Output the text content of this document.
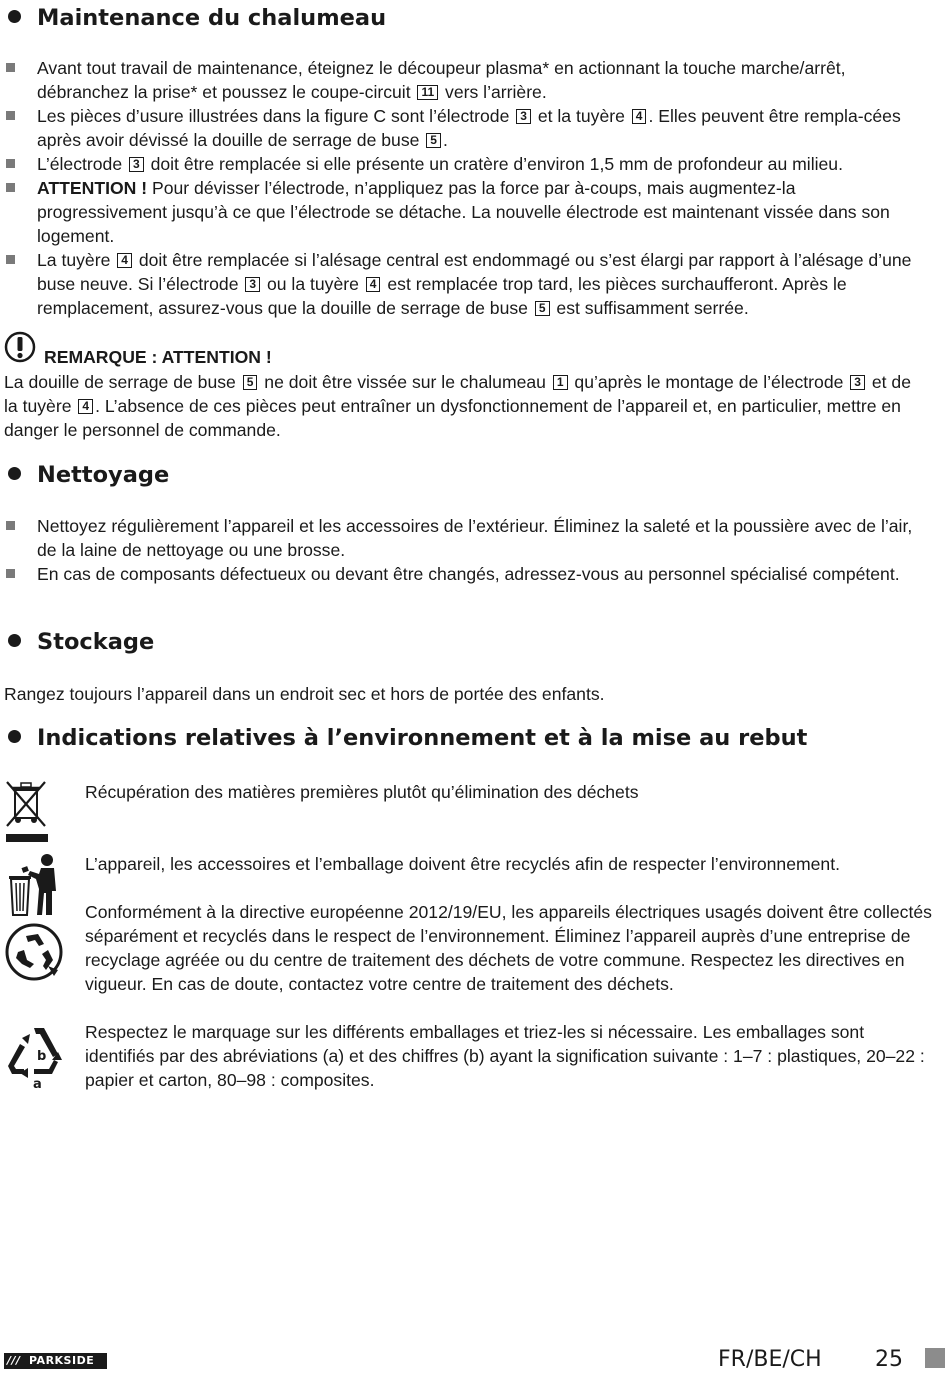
Maintenance du chalumeau
Avant tout travail de maintenance, éteignez le découpeur plasma* en actionnant la touche marche/arrêt, débranchez la prise* et poussez le coupe-circuit 11 vers l’arrière.
Les pièces d’usure illustrées dans la figure C sont l’électrode 3 et la tuyère 4 . Elles peuvent être rempla-cées après avoir dévissé la douille de serrage de buse 5 .
L’électrode 3 doit être remplacée si elle présente un cratère d’environ 1,5 mm de profondeur au milieu.
ATTENTION ! Pour dévisser l’électrode, n’appliquez pas la force par à-coups, mais augmentez-la progressivement jusqu’à ce que l’électrode se détache. La nouvelle électrode est maintenant vissée dans son logement.
La tuyère 4 doit être remplacée si l’alésage central est endommagé ou s’est élargi par rapport à l’alésage d’une buse neuve. Si l’électrode 3 ou la tuyère 4 est remplacée trop tard, les pièces surchaufferont. Après le remplacement, assurez-vous que la douille de serrage de buse 5 est suffisamment serrée.
REMARQUE : ATTENTION !

La douille de serrage de buse 5 ne doit être vissée sur le chalumeau 1 qu’après le montage de l’électrode 3 et de la tuyère 4 . L’absence de ces pièces peut entraîner un dysfonctionnement de l’appareil et, en particulier, mettre en danger le personnel de commande.

Nettoyage
Nettoyez régulièrement l’appareil et les accessoires de l’extérieur. Éliminez la saleté et la poussière avec de l’air, de la laine de nettoyage ou une brosse.
En cas de composants défectueux ou devant être changés, adressez-vous au personnel spécialisé compétent.
Stockage

Rangez toujours l’appareil dans un endroit sec et hors de portée des enfants.

Indications relatives à l’environnement et à la mise au rebut

Récupération des matières premières plutôt qu’élimination des déchets

L’appareil, les accessoires et l’emballage doivent être recyclés afin de respecter l’environnement.

Conformément à la directive européenne 2012/19/EU, les appareils électriques usagés doivent être collectés séparément et recyclés dans le respect de l’environnement. Éliminez l’appareil auprès d’une entreprise de recyclage agréée ou du centre de traitement des déchets de votre commune. Respectez les directives en vigueur. En cas de doute, contactez votre centre de traitement des déchets.

b
a

Respectez le marquage sur les différents emballages et triez-les si nécessaire. Les emballages sont identifiés par des abréviations (a) et des chiffres (b) ayant la signification suivante : 1–7 : plastiques, 20–22 : papier et carton, 80–98 : composites.

/// PARKSIDE	FR/BE/CH 25
